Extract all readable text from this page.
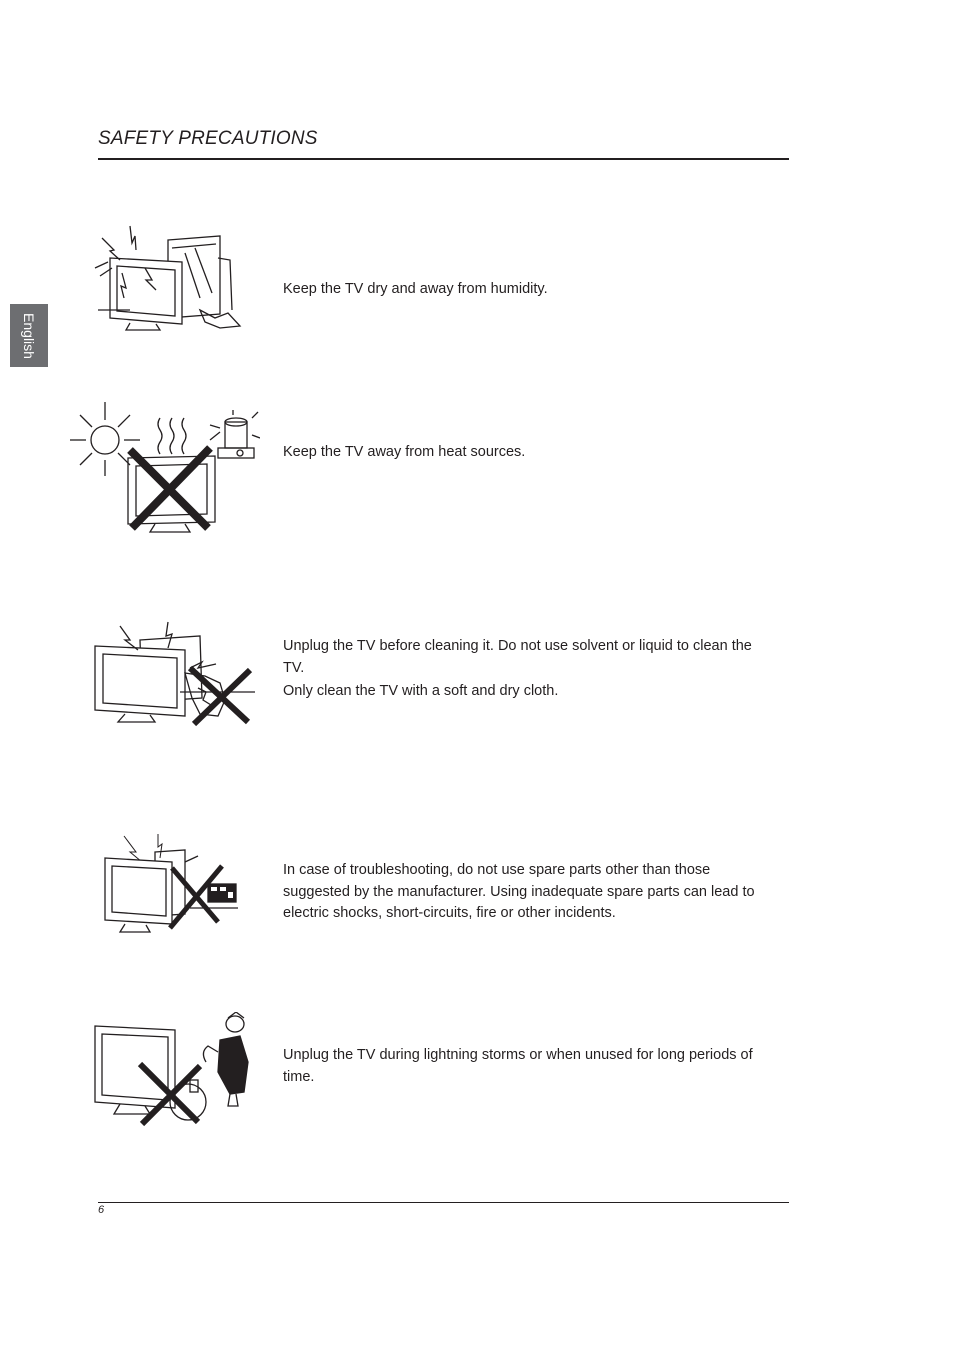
SAFETY PRECAUTIONS
English

Keep the TV dry and away from humidity.

Keep the TV away from heat sources.

Unplug the TV before cleaning it. Do not use solvent or liquid to clean the TV.

Only clean the TV with a soft and dry cloth.

In case of troubleshooting, do not use spare parts other than those suggested by the manufacturer. Using inadequate spare parts can lead to electric shocks, short-circuits, fire or other incidents.

Unplug the TV during lightning storms or when unused for long periods of time.

6
